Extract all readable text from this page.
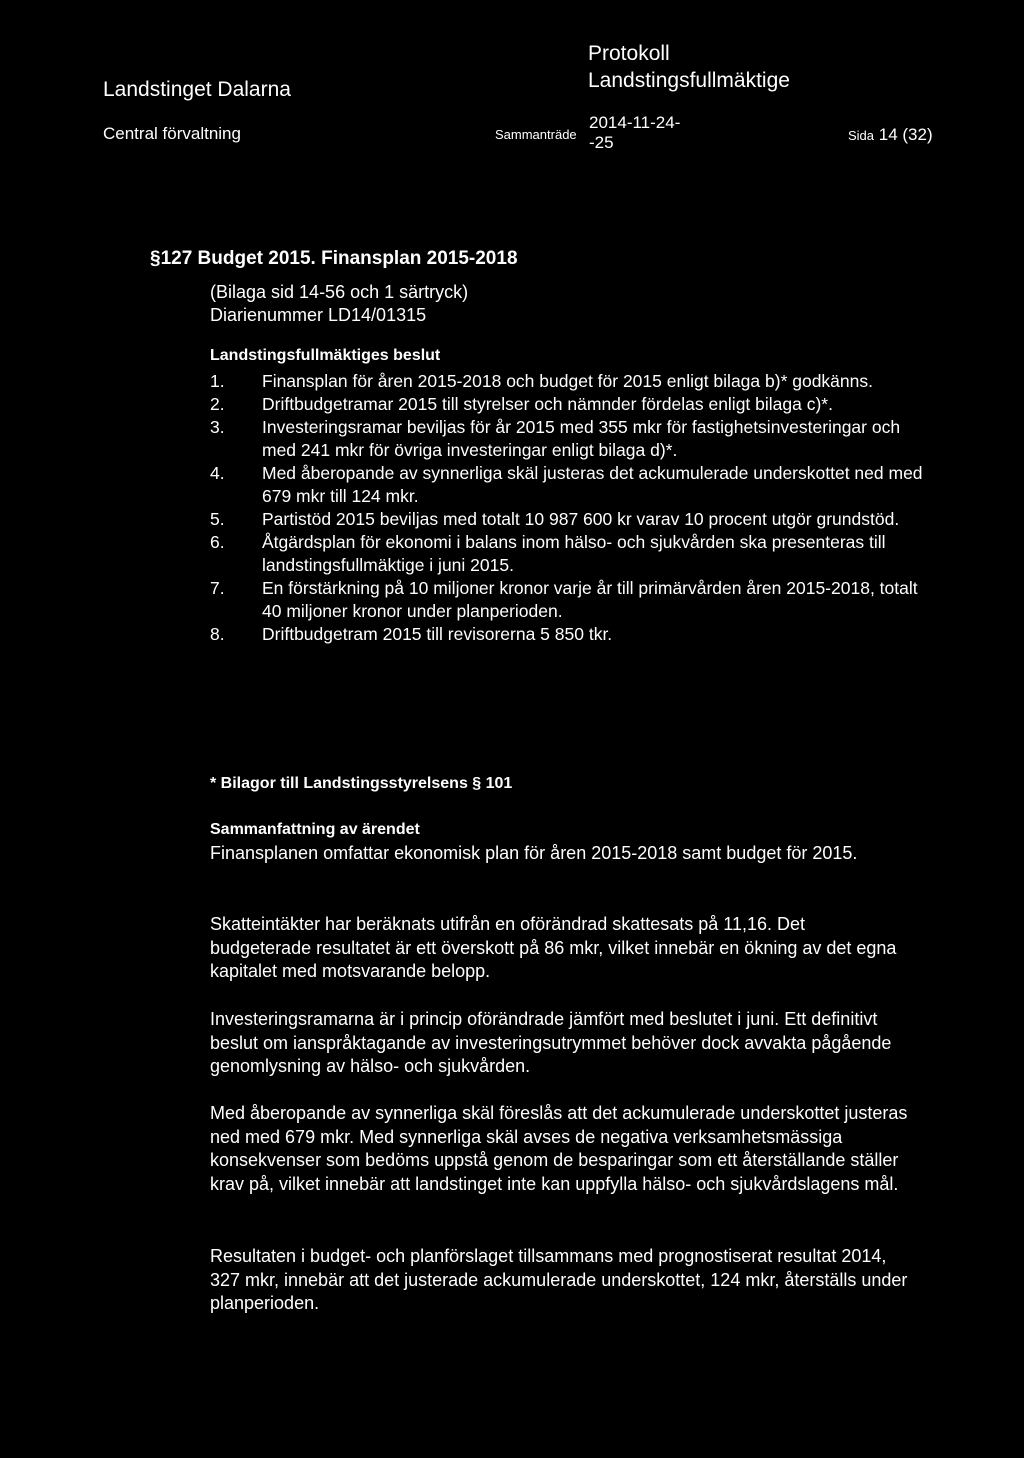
Landstinget Dalarna
Protokoll
Landstingsfullmäktige
Central förvaltning	Sammanträde
2014-11-24-
-25	Sida 14 (32)
§127 Budget 2015. Finansplan 2015-2018
(Bilaga sid 14-56 och 1 särtryck)
Diarienummer LD14/01315
Landstingsfullmäktiges beslut
1. Finansplan för åren 2015-2018 och budget för 2015 enligt bilaga b)* godkänns.
2. Driftbudgetramar 2015 till styrelser och nämnder fördelas enligt bilaga c)*.
3. Investeringsramar beviljas för år 2015 med 355 mkr för fastighetsinvesteringar och med 241 mkr för övriga investeringar enligt bilaga d)*.
4. Med åberopande av synnerliga skäl justeras det ackumulerade underskottet ned med 679 mkr till 124 mkr.
5. Partistöd 2015 beviljas med totalt 10 987 600 kr varav 10 procent utgör grundstöd.
6. Åtgärdsplan för ekonomi i balans inom hälso- och sjukvården ska presenteras till landstingsfullmäktige i juni 2015.
7. En förstärkning på 10 miljoner kronor varje år till primärvården åren 2015-2018, totalt 40 miljoner kronor under planperioden.
8. Driftbudgetram 2015 till revisorerna 5 850 tkr.
* Bilagor till Landstingsstyrelsens § 101
Sammanfattning av ärendet

Finansplanen omfattar ekonomisk plan för åren 2015-2018 samt budget för 2015.

Skatteintäkter har beräknats utifrån en oförändrad skattesats på 11,16. Det budgeterade resultatet är ett överskott på 86 mkr, vilket innebär en ökning av det egna kapitalet med motsvarande belopp.

Investeringsramarna är i princip oförändrade jämfört med beslutet i juni. Ett definitivt beslut om ianspråktagande av investeringsutrymmet behöver dock avvakta pågående genomlysning av hälso- och sjukvården.

Med åberopande av synnerliga skäl föreslås att det ackumulerade underskottet justeras ned med 679 mkr. Med synnerliga skäl avses de negativa verksamhetsmässiga konsekvenser som bedöms uppstå genom de besparingar som ett återställande ställer krav på, vilket innebär att landstinget inte kan uppfylla hälso- och sjukvårdslagens mål.

Resultaten i budget- och planförslaget tillsammans med prognostiserat resultat 2014, 327 mkr, innebär att det justerade ackumulerade underskottet, 124 mkr, återställs under planperioden.
